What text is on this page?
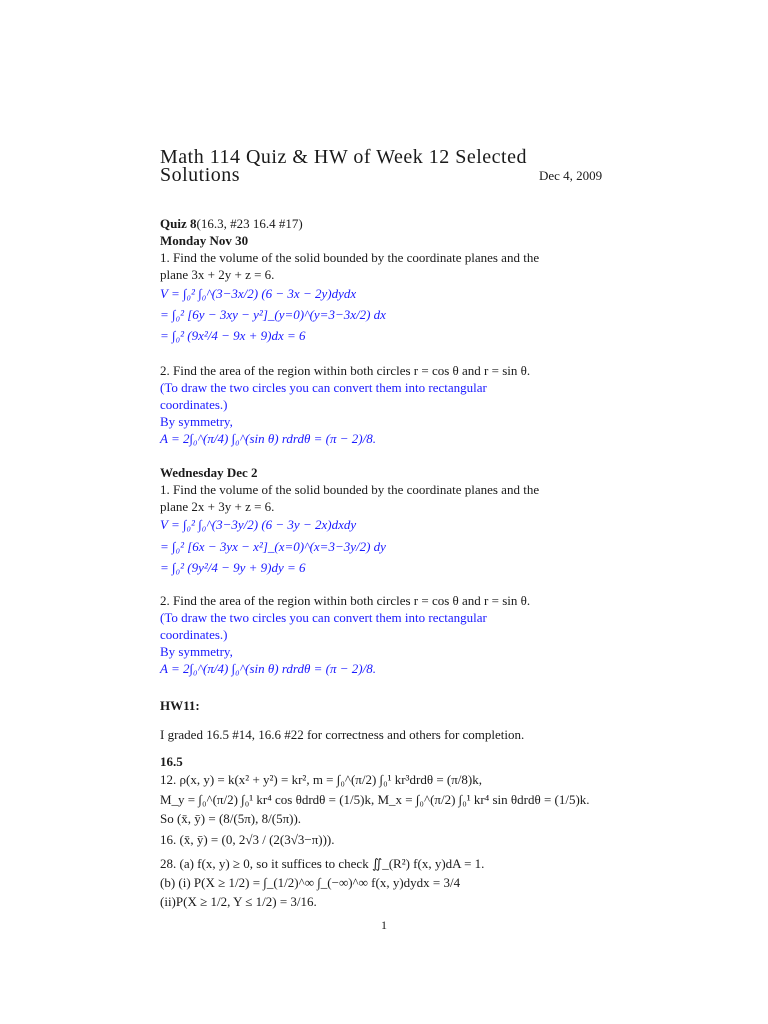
Math 114 Quiz & HW of Week 12 Selected
Solutions	Dec 4, 2009
Quiz 8(16.3, #23 16.4 #17)
Monday Nov 30
1. Find the volume of the solid bounded by the coordinate planes and the
plane 3x + 2y + z = 6.
V = ∫₀² ∫₀^(3−3x/2) (6 − 3x − 2y)dydx
= ∫₀² [6y − 3xy − y²]_(y=0)^(y=3−3x/2) dx
= ∫₀² (9x²/4 − 9x + 9)dx = 6
2. Find the area of the region within both circles r = cos θ and r = sin θ.
(To draw the two circles you can convert them into rectangular
coordinates.)
By symmetry,
A = 2∫₀^(π/4) ∫₀^(sin θ) rdrdθ = (π − 2)/8.
Wednesday Dec 2
1. Find the volume of the solid bounded by the coordinate planes and the
plane 2x + 3y + z = 6.
V = ∫₀² ∫₀^(3−3y/2) (6 − 3y − 2x)dxdy
= ∫₀² [6x − 3yx − x²]_(x=0)^(x=3−3y/2) dy
= ∫₀² (9y²/4 − 9y + 9)dy = 6
2. Find the area of the region within both circles r = cos θ and r = sin θ.
(To draw the two circles you can convert them into rectangular
coordinates.)
By symmetry,
A = 2∫₀^(π/4) ∫₀^(sin θ) rdrdθ = (π − 2)/8.
HW11:
I graded 16.5 #14, 16.6 #22 for correctness and others for completion.
16.5
12. ρ(x, y) = k(x² + y²) = kr², m = ∫₀^(π/2) ∫₀¹ kr³drdθ = (π/8)k,
M_y = ∫₀^(π/2) ∫₀¹ kr⁴ cos θdrdθ = (1/5)k, M_x = ∫₀^(π/2) ∫₀¹ kr⁴ sin θdrdθ = (1/5)k.
So (x̄, ȳ) = (8/(5π), 8/(5π)).
16. (x̄, ȳ) = (0, 2√3 / (2(3√3−π))).
28. (a) f(x, y) ≥ 0, so it suffices to check ∬_(R²) f(x, y)dA = 1.
(b) (i) P(X ≥ 1/2) = ∫_(1/2)^∞ ∫_(−∞)^∞ f(x, y)dydx = 3/4
(ii)P(X ≥ 1/2, Y ≤ 1/2) = 3/16.
1
